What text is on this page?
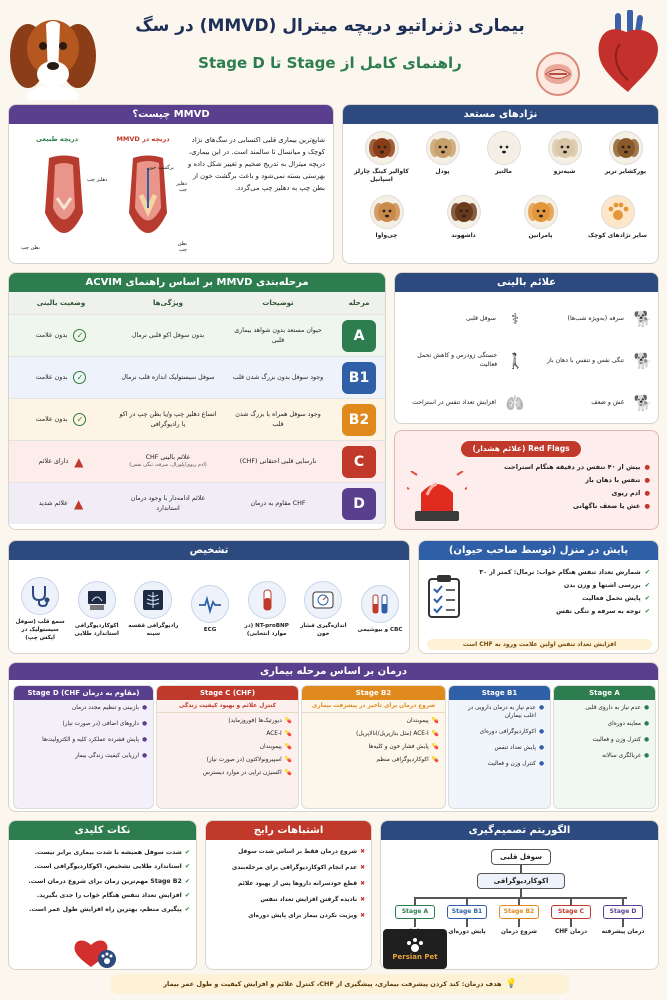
بیماری دژنراتیو دریچه میترال (MMVD) در سگ
راهنمای کامل از Stage تا Stage D
MMVD چیست؟
شایع‌ترین بیماری قلبی اکتسابی در سگ‌های نژاد کوچک و میانسال تا سالمند است. در این بیماری، دریچه میترال به تدریج ضخیم و تغییر شکل داده و بهرستی بسته نمی‌شود و باعث برگشت خون از بطن چپ به دهلیز چپ می‌گردد.
دریچه در MMVD
دریچه طبیعی
دهلیز چپ
بطن چپ
برگشت خون
دهلیز چپ
بطن چپ
نژادهای مستعد
یورکشایر تریر
شیه‌تزو
مالتیز
پودل
کاوالیر کینگ چارلز اسپانیل
سایر نژادهای کوچک
پامرانین
داشهوند
چی‌واوا
مرحله‌بندی MMVD بر اساس راهنمای ACVIM
مرحله
توضیحات
ویژگی‌ها
وضعیت بالینی
A
حیوان مستعد بدون شواهد بیماری قلبی
بدون سوفل اکو قلبی نرمال
✓
بدون علامت
B1
وجود سوفل بدون بزرگ شدن قلب
سوفل سیستولیک اندازه قلب نرمال
✓
بدون علامت
B2
وجود سوفل همراه با بزرگ شدن قلب
اتساع دهلیز چپ و/یا بطن چپ در اکو یا رادیوگرافی
✓
بدون علامت
C
نارسایی قلبی احتقانی (CHF)
علائم بالینی CHF
(ادم ریوی/پلورال، سرفه، تنگی نفس)
▲
دارای علائم
D
CHF مقاوم به درمان
علائم ادامه‌دار با وجود درمان استاندارد
▲
علائم شدید
علائم بالینی
🐕
سرفه (به‌ویژه شب‌ها)
⚕
سوفل قلبی
🐕
تنگی نفس و تنفس با دهان باز
🚶
خستگی زودرس و کاهش تحمل فعالیت
🐕
غش و ضعف
🫁
افزایش تعداد تنفس در استراحت
Red Flags (علائم هشدار)
●
بیش از ۴۰ تنفس در دقیقه هنگام استراحت
●
تنفس با دهان باز
●
ادم ریوی
●
غش یا ضعف ناگهانی
تشخیص
CBC و بیوشیمی
اندازه‌گیری فشار خون
NT-proBNP (در موارد انتخابی)
ECG
رادیوگرافی قفسه سینه
اکوکاردیوگرافی استاندارد طلایی
سمع قلب (سوفل سیستولیک در اپکس چپ)
پایش در منزل (توسط صاحب حیوان)
✔
شمارش تعداد تنفس هنگام خواب: نرمال: کمتر از ۳۰
✔
بررسی اشتها و وزن بدن
✔
پایش تحمل فعالیت
✔
توجه به سرفه و تنگی نفس
افزایش تعداد تنفس اولین علامت ورود به CHF است
درمان بر اساس مرحله بیماری
Stage A
●
عدم نیاز به داروی قلبی
●
معاینه دوره‌ای
●
کنترل وزن و فعالیت
●
غربالگری سالانه
Stage B1
●
عدم نیاز به درمان دارویی در اغلب بیماران
●
اکوکاردیوگرافی دوره‌ای
●
پایش تعداد تنفس
●
کنترل وزن و فعالیت
Stage B2
شروع درمان برای تاخیر در پیشرفت بیماری
💊
پیموبندان
💊
ACE-I (مثل بنازپریل/انالاپریل)
💊
پایش فشار خون و کلیه‌ها
💊
اکوکاردیوگرافی منظم
Stage C (CHF)
کنترل علائم و بهبود کیفیت زندگی
💊
دیورتیک‌ها (فوروزماید)
💊
ACE-I
💊
پیموبندان
💊
اسپیرونولاکتون (در صورت نیاز)
💊
اکسیژن تراپی در موارد دیسترس
Stage D (CHF مقاوم به درمان)
●
بازبینی و تنظیم مجدد درمان
●
داروهای اضافی (در صورت نیاز)
●
پایش فشرده عملکرد کلیه و الکترولیت‌ها
●
ارزیابی کیفیت زندگی بیمار
نکات کلیدی
✔
شدت سوفل همیشه با شدت بیماری برابر نیست.
✔
استاندارد طلایی تشخیص، اکوکاردیوگرافی است.
✔
Stage B2 مهم‌ترین زمان برای شروع درمان است.
✔
افزایش تعداد تنفس هنگام خواب را جدی بگیرید.
✔
پیگیری منظم، بهترین راه افزایش طول عمر است.
اشتباهات رایج
✖
شروع درمان فقط بر اساس شدت سوفل
✖
عدم انجام اکوکاردیوگرافی برای مرحله‌بندی
✖
قطع خودسرانه داروها پس از بهبود علائم
✖
نادیده گرفتن افزایش تعداد تنفس
✖
ویزیت نکردن بیمار برای پایش دوره‌ای
الگوریتم تصمیم‌گیری
سوفل قلبی
اکوکاردیوگرافی
Stage A	Stage B1
پایش دوره‌ای
Stage B2
شروع درمان
Stage C
درمان CHF
Stage D
درمان پیشرفته
Persian Pet
💡
هدف درمان: کند کردن پیشرفت بیماری، پیشگیری از CHF، کنترل علائم و افزایش کیفیت و طول عمر بیمار
